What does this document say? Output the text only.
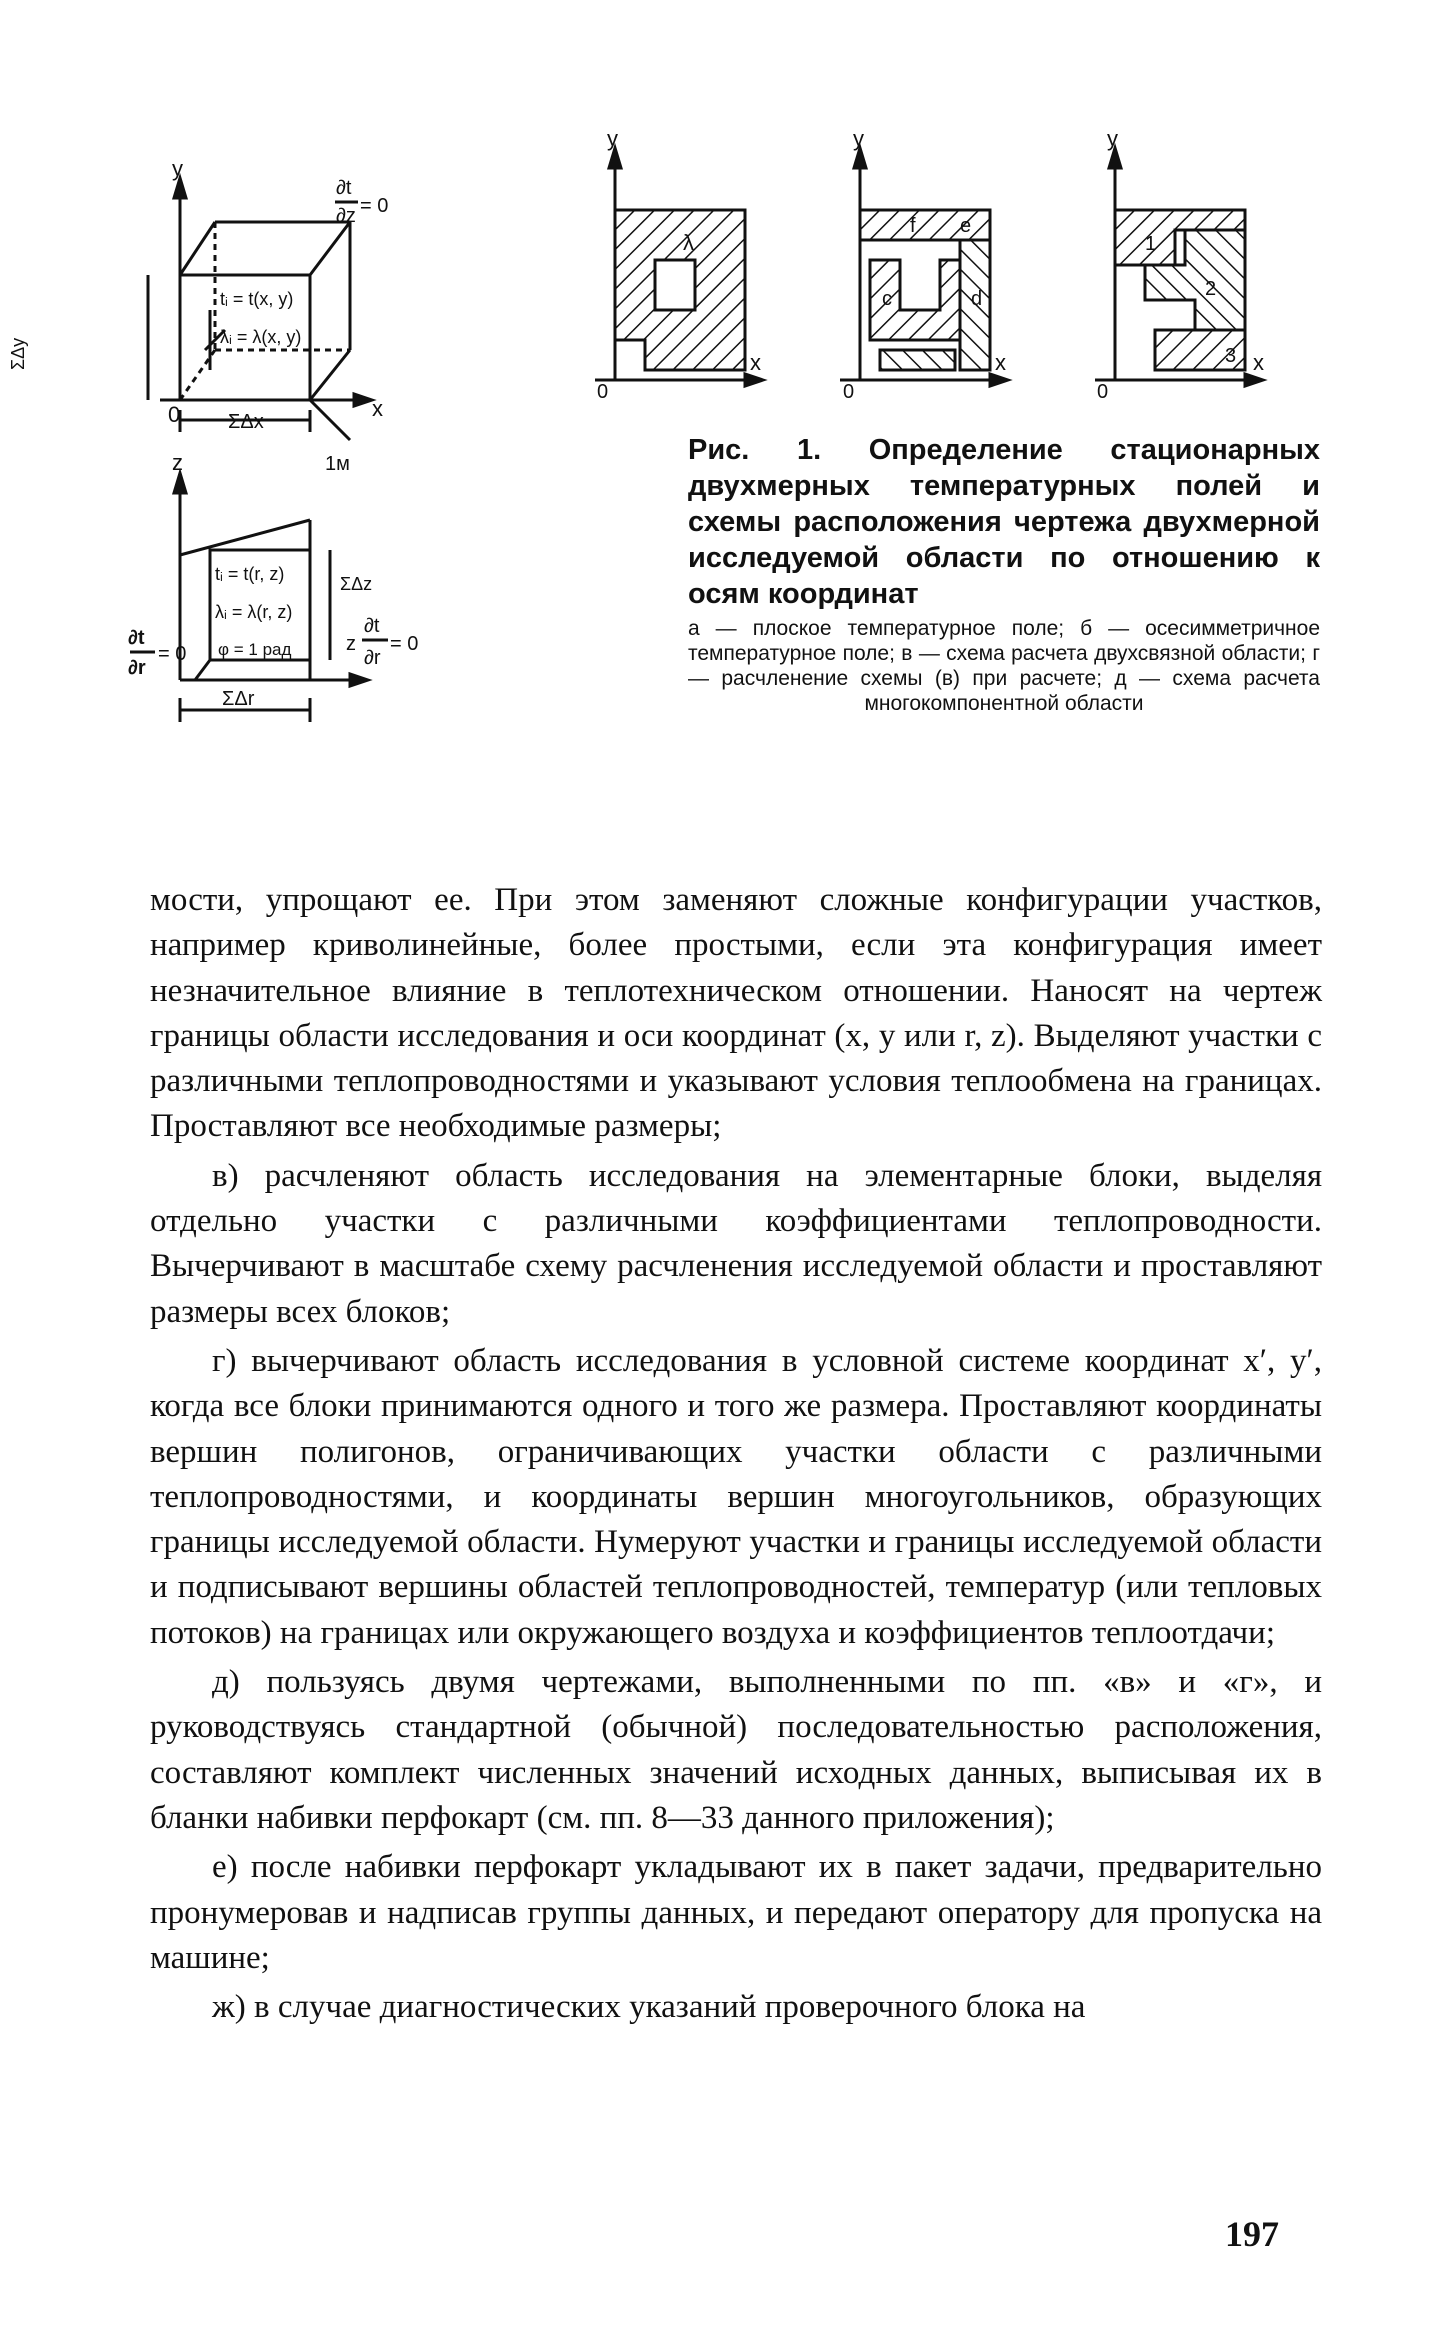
y
x
0 ΣΔx
1м
tᵢ = t(x, y)
λᵢ = λ(x, y)
∂t
∂z = 0
ΣΔy
z
tᵢ = t(r, z)
λᵢ = λ(r, z)
φ = 1 рад
ΣΔr
∂t
∂r
= 0
∂t
∂r
z = 0
ΣΔz
y
x
0
λ
y
x
0
f e
c	d
y
x
0
1
2
3
Рис. 1. Определение стационарных двухмерных температурных полей и схемы расположения чертежа двухмерной исследуемой области по отношению к осям координат
а — плоское температурное поле; б — осесимметричное температурное поле; в — схема расчета двухсвязной области; г — расчленение схемы (в) при расчете; д — схема расчета многокомпонентной области

мости, упрощают ее. При этом заменяют сложные конфигурации участков, например криволинейные, более простыми, если эта конфигурация имеет незначительное влияние в теплотехническом отношении. Наносят на чертеж границы области исследования и оси координат (x, y или r, z). Выделяют участки с различными теплопроводностями и указывают условия теплообмена на границах. Проставляют все необходимые размеры;

в) расчленяют область исследования на элементарные блоки, выделяя отдельно участки с различными коэффициентами теплопроводности. Вычерчивают в масштабе схему расчленения исследуемой области и проставляют размеры всех блоков;

г) вычерчивают область исследования в условной системе координат x′, y′, когда все блоки принимаются одного и того же размера. Проставляют координаты вершин полигонов, ограничивающих участки области с различными теплопроводностями, и координаты вершин многоугольников, образующих границы исследуемой области. Нумеруют участки и границы исследуемой области и подписывают вершины областей теплопроводностей, температур (или тепловых потоков) на границах или окружающего воздуха и коэффициентов теплоотдачи;

д) пользуясь двумя чертежами, выполненными по пп. «в» и «г», и руководствуясь стандартной (обычной) последовательностью расположения, составляют комплект численных значений исходных данных, выписывая их в бланки набивки перфокарт (см. пп. 8—33 данного приложения);

е) после набивки перфокарт укладывают их в пакет задачи, предварительно пронумеровав и надписав группы данных, и передают оператору для пропуска на машине;

ж) в случае диагностических указаний проверочного блока на

197
